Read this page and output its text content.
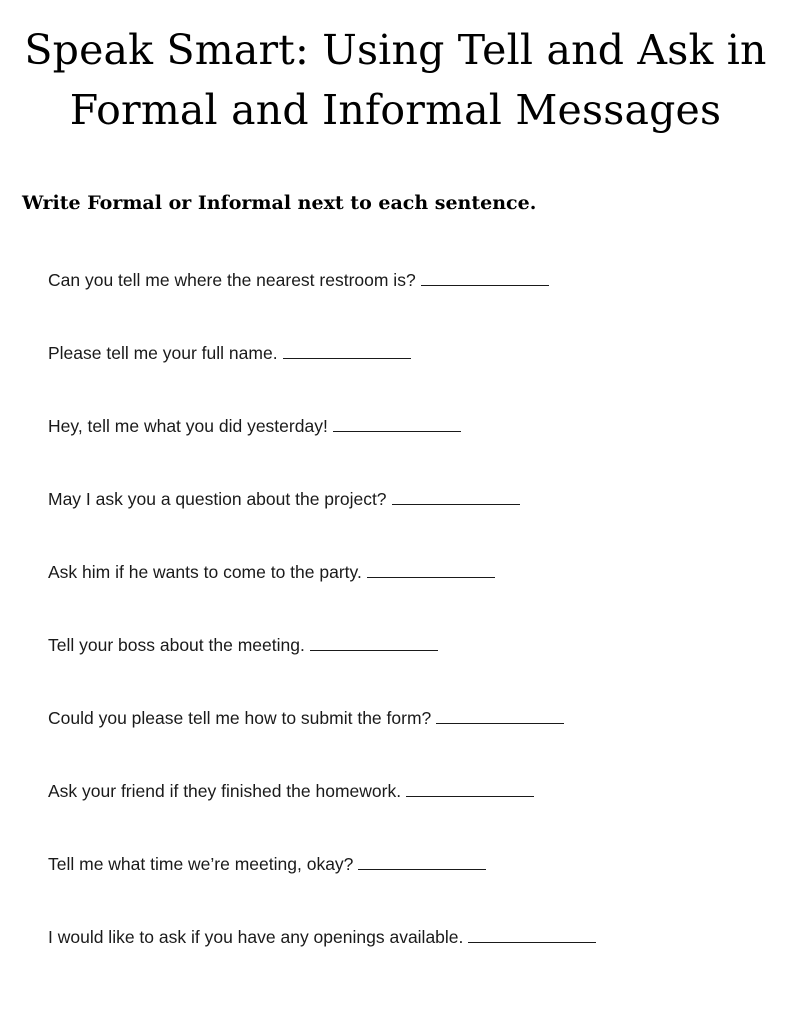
Speak Smart: Using Tell and Ask in
Formal and Informal Messages

Write Formal or Informal next to each sentence.

Can you tell me where the nearest restroom is?
Please tell me your full name.
Hey, tell me what you did yesterday!
May I ask you a question about the project?
Ask him if he wants to come to the party.
Tell your boss about the meeting.
Could you please tell me how to submit the form?
Ask your friend if they finished the homework.
Tell me what time we’re meeting, okay?
I would like to ask if you have any openings available.
